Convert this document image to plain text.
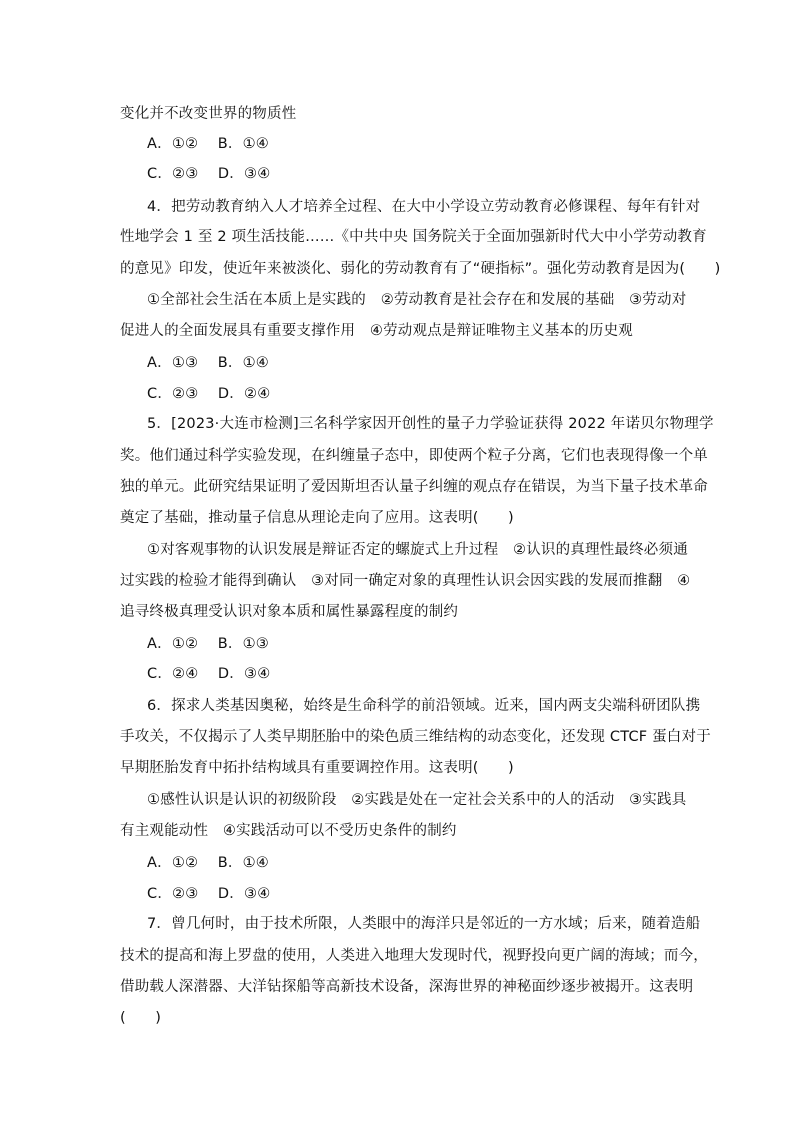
变化并不改变世界的物质性
A．①②　 B．①④
C．②③　 D．③④
4．把劳动教育纳入人才培养全过程、在大中小学设立劳动教育必修课程、每年有针对
性地学会 1 至 2 项生活技能……《中共中央 国务院关于全面加强新时代大中小学劳动教育
的意见》印发，使近年来被淡化、弱化的劳动教育有了“硬指标”。强化劳动教育是因为(　　)
①全部社会生活在本质上是实践的　②劳动教育是社会存在和发展的基础　③劳动对
促进人的全面发展具有重要支撑作用　④劳动观点是辩证唯物主义基本的历史观
A．①③　 B．①④
C．②③　 D．②④
5．[2023·大连市检测]三名科学家因开创性的量子力学验证获得 2022 年诺贝尔物理学
奖。他们通过科学实验发现，在纠缠量子态中，即使两个粒子分离，它们也表现得像一个单
独的单元。此研究结果证明了爱因斯坦否认量子纠缠的观点存在错误，为当下量子技术革命
奠定了基础，推动量子信息从理论走向了应用。这表明(　　)
①对客观事物的认识发展是辩证否定的螺旋式上升过程　②认识的真理性最终必须通
过实践的检验才能得到确认　③对同一确定对象的真理性认识会因实践的发展而推翻　④
追寻终极真理受认识对象本质和属性暴露程度的制约
A．①②　 B．①③
C．②④　 D．③④
6．探求人类基因奥秘，始终是生命科学的前沿领域。近来，国内两支尖端科研团队携
手攻关，不仅揭示了人类早期胚胎中的染色质三维结构的动态变化，还发现 CTCF 蛋白对于
早期胚胎发育中拓扑结构域具有重要调控作用。这表明(　　)
①感性认识是认识的初级阶段　②实践是处在一定社会关系中的人的活动　③实践具
有主观能动性　④实践活动可以不受历史条件的制约
A．①②　 B．①④
C．②③　 D．③④
7．曾几何时，由于技术所限，人类眼中的海洋只是邻近的一方水域；后来，随着造船
技术的提高和海上罗盘的使用，人类进入地理大发现时代，视野投向更广阔的海域；而今，
借助载人深潜器、大洋钻探船等高新技术设备，深海世界的神秘面纱逐步被揭开。这表明
(　　)
